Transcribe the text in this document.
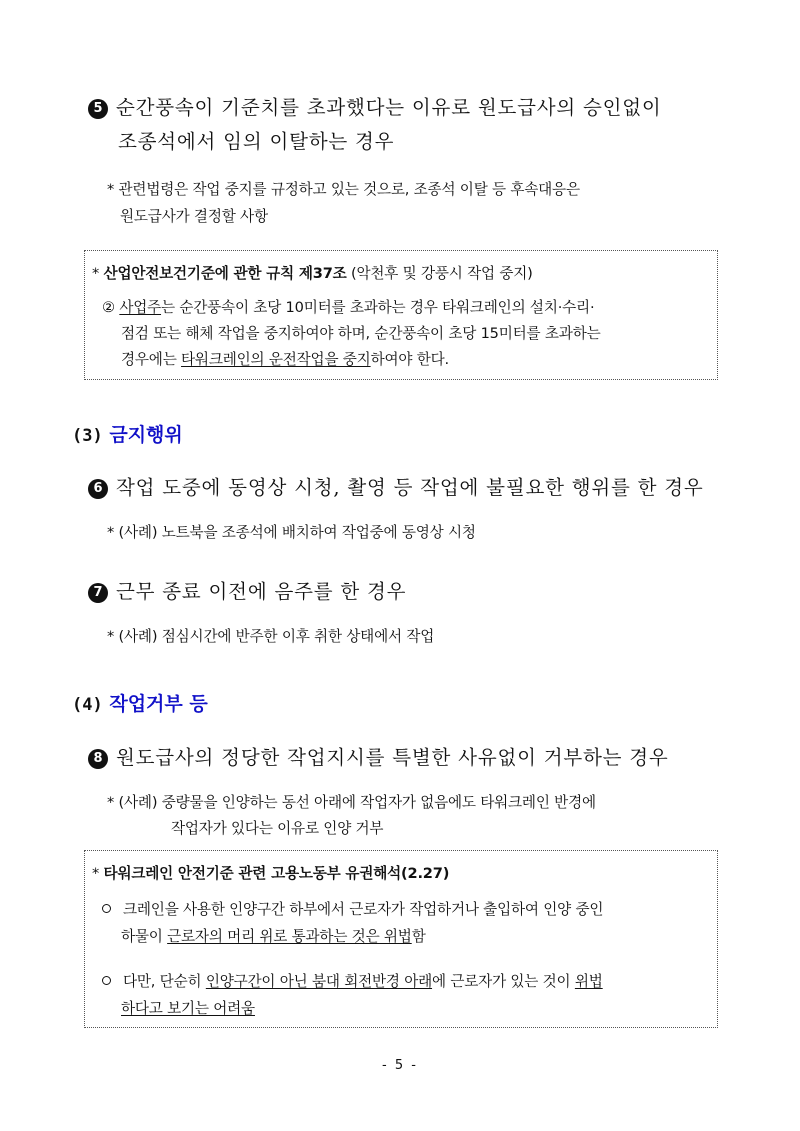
5 순간풍속이 기준치를 초과했다는 이유로 원도급사의 승인없이
조종석에서 임의 이탈하는 경우
* 관련법령은 작업 중지를 규정하고 있는 것으로, 조종석 이탈 등 후속대응은
원도급사가 결정할 사항
* 산업안전보건기준에 관한 규칙 제37조 (악천후 및 강풍시 작업 중지)
② 사업주는 순간풍속이 초당 10미터를 초과하는 경우 타워크레인의 설치·수리·
점검 또는 해체 작업을 중지하여야 하며, 순간풍속이 초당 15미터를 초과하는
경우에는 타워크레인의 운전작업을 중지하여야 한다.
(3) 금지행위
6 작업 도중에 동영상 시청, 촬영 등 작업에 불필요한 행위를 한 경우
* (사례) 노트북을 조종석에 배치하여 작업중에 동영상 시청
7 근무 종료 이전에 음주를 한 경우
* (사례) 점심시간에 반주한 이후 취한 상태에서 작업
(4) 작업거부 등
8 원도급사의 정당한 작업지시를 특별한 사유없이 거부하는 경우
* (사례) 중량물을 인양하는 동선 아래에 작업자가 없음에도 타워크레인 반경에
작업자가 있다는 이유로 인양 거부
* 타워크레인 안전기준 관련 고용노동부 유권해석(2.27)
크레인을 사용한 인양구간 하부에서 근로자가 작업하거나 출입하여 인양 중인
하물이 근로자의 머리 위로 통과하는 것은 위법함
다만, 단순히 인양구간이 아닌 붐대 회전반경 아래에 근로자가 있는 것이 위법
하다고 보기는 어려움
- 5 -
